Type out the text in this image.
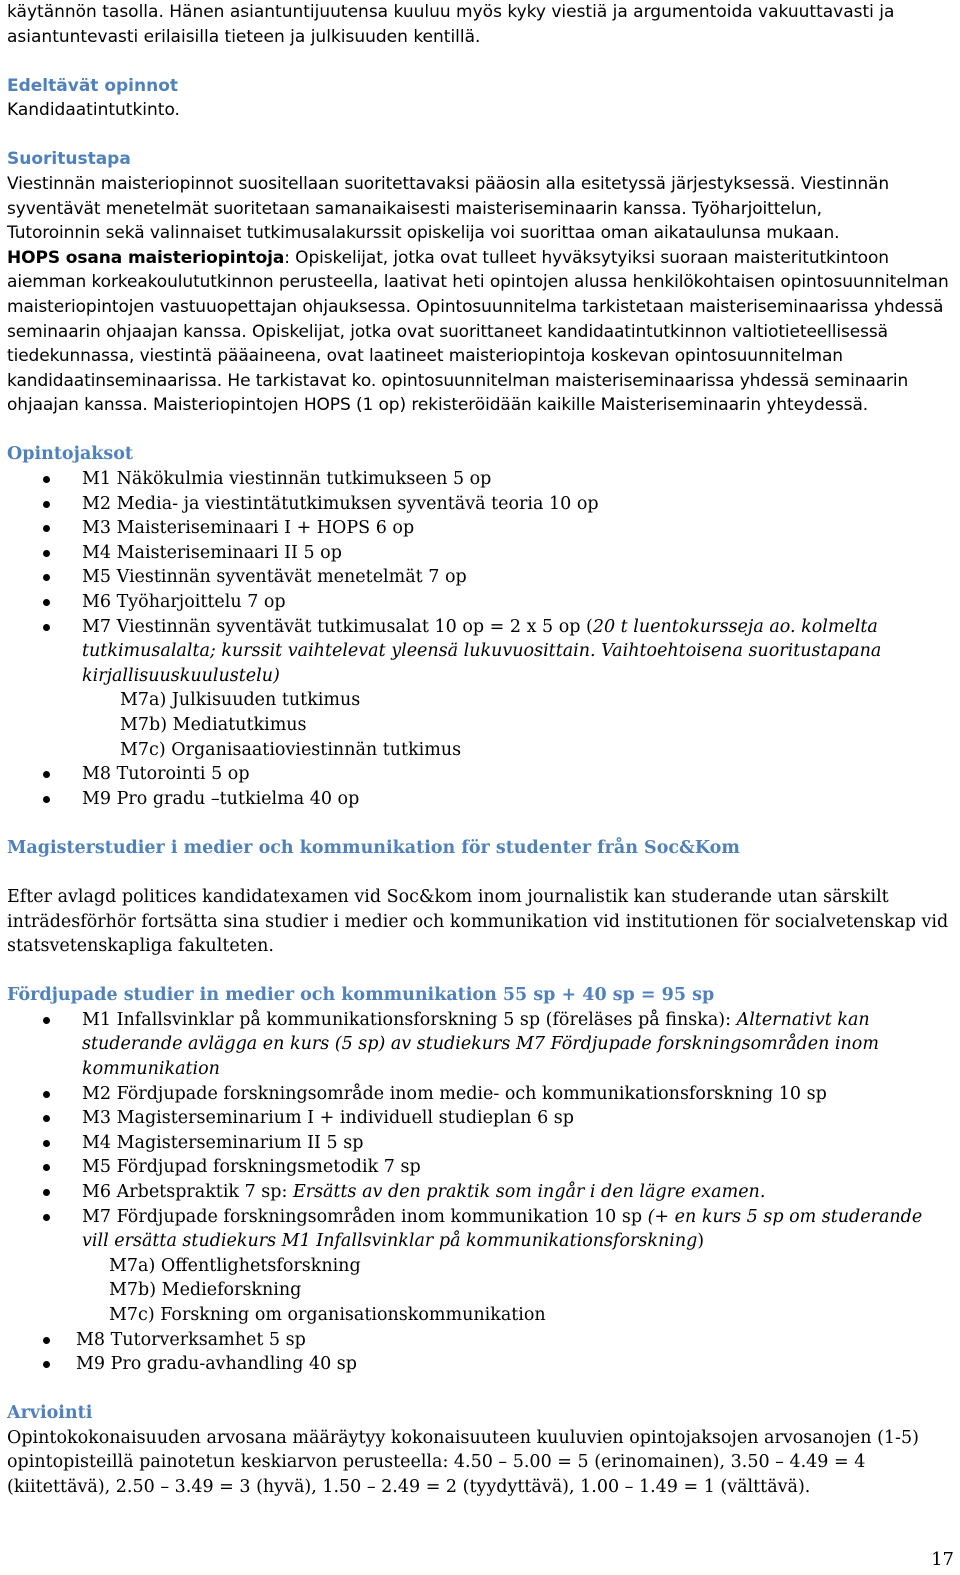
käytännön tasolla. Hänen asiantuntijuutensa kuuluu myös kyky viestiä ja argumentoida vakuuttavasti ja

asiantuntevasti erilaisilla tieteen ja julkisuuden kentillä.

Edeltävät opinnot

Kandidaatintutkinto.

Suoritustapa

Viestinnän maisteriopinnot suositellaan suoritettavaksi pääosin alla esitetyssä järjestyksessä. Viestinnän

syventävät menetelmät suoritetaan samanaikaisesti maisteriseminaarin kanssa. Työharjoittelun,

Tutoroinnin sekä valinnaiset tutkimusalakurssit opiskelija voi suorittaa oman aikataulunsa mukaan.

HOPS osana maisteriopintoja: Opiskelijat, jotka ovat tulleet hyväksytyiksi suoraan maisteritutkintoon aiemman korkeakoulututkinnon perusteella, laativat heti opintojen alussa henkilökohtaisen opintosuunnitelman maisteriopintojen vastuuopettajan ohjauksessa. Opintosuunnitelma tarkistetaan maisteriseminaarissa yhdessä seminaarin ohjaajan kanssa. Opiskelijat, jotka ovat suorittaneet kandidaatintutkinnon valtiotieteellisessä tiedekunnassa, viestintä pääaineena, ovat laatineet maisteriopintoja koskevan opintosuunnitelman kandidaatinseminaarissa. He tarkistavat ko. opintosuunnitelman maisteriseminaarissa yhdessä seminaarin ohjaajan kanssa. Maisteriopintojen HOPS (1 op) rekisteröidään kaikille Maisteriseminaarin yhteydessä.

Opintojaksot

M1 Näkökulmia viestinnän tutkimukseen 5 op
M2 Media- ja viestintätutkimuksen syventävä teoria 10 op
M3 Maisteriseminaari I + HOPS 6 op
M4 Maisteriseminaari II 5 op
M5 Viestinnän syventävät menetelmät 7 op
M6 Työharjoittelu 7 op
M7 Viestinnän syventävät tutkimusalat 10 op = 2 x 5 op (20 t luentokursseja ao. kolmelta tutkimusalalta; kurssit vaihtelevat yleensä lukuvuosittain. Vaihtoehtoisena suoritustapana kirjallisuuskuulustelu)

M7a) Julkisuuden tutkimus

M7b) Mediatutkimus

M7c) Organisaatioviestinnän tutkimus

M8 Tutorointi 5 op
M9 Pro gradu –tutkielma 40 op

Magisterstudier i medier och kommunikation för studenter från Soc&Kom

Efter avlagd politices kandidatexamen vid Soc&kom inom journalistik kan studerande utan särskilt inträdesförhör fortsätta sina studier i medier och kommunikation vid institutionen för socialvetenskap vid statsvetenskapliga fakulteten.

Fördjupade studier in medier och kommunikation 55 sp + 40 sp = 95 sp

M1 Infallsvinklar på kommunikationsforskning 5 sp (föreläses på finska): Alternativt kan studerande avlägga en kurs (5 sp) av studiekurs M7 Fördjupade forskningsområden inom kommunikation
M2 Fördjupade forskningsområde inom medie- och kommunikationsforskning 10 sp
M3 Magisterseminarium I + individuell studieplan 6 sp
M4 Magisterseminarium II 5 sp
M5 Fördjupad forskningsmetodik 7 sp
M6 Arbetspraktik 7 sp: Ersätts av den praktik som ingår i den lägre examen.
M7 Fördjupade forskningsområden inom kommunikation 10 sp (+ en kurs 5 sp om studerande vill ersätta studiekurs M1 Infallsvinklar på kommunikationsforskning)

M7a) Offentlighetsforskning

M7b) Medieforskning

M7c) Forskning om organisationskommunikation

M8 Tutorverksamhet 5 sp
M9 Pro gradu-avhandling 40 sp

Arviointi

Opintokokonaisuuden arvosana määräytyy kokonaisuuteen kuuluvien opintojaksojen arvosanojen (1-5) opintopisteillä painotetun keskiarvon perusteella: 4.50 – 5.00 = 5 (erinomainen), 3.50 – 4.49 = 4 (kiitettävä), 2.50 – 3.49 = 3 (hyvä), 1.50 – 2.49 = 2 (tyydyttävä), 1.00 – 1.49 = 1 (välttävä).

17
